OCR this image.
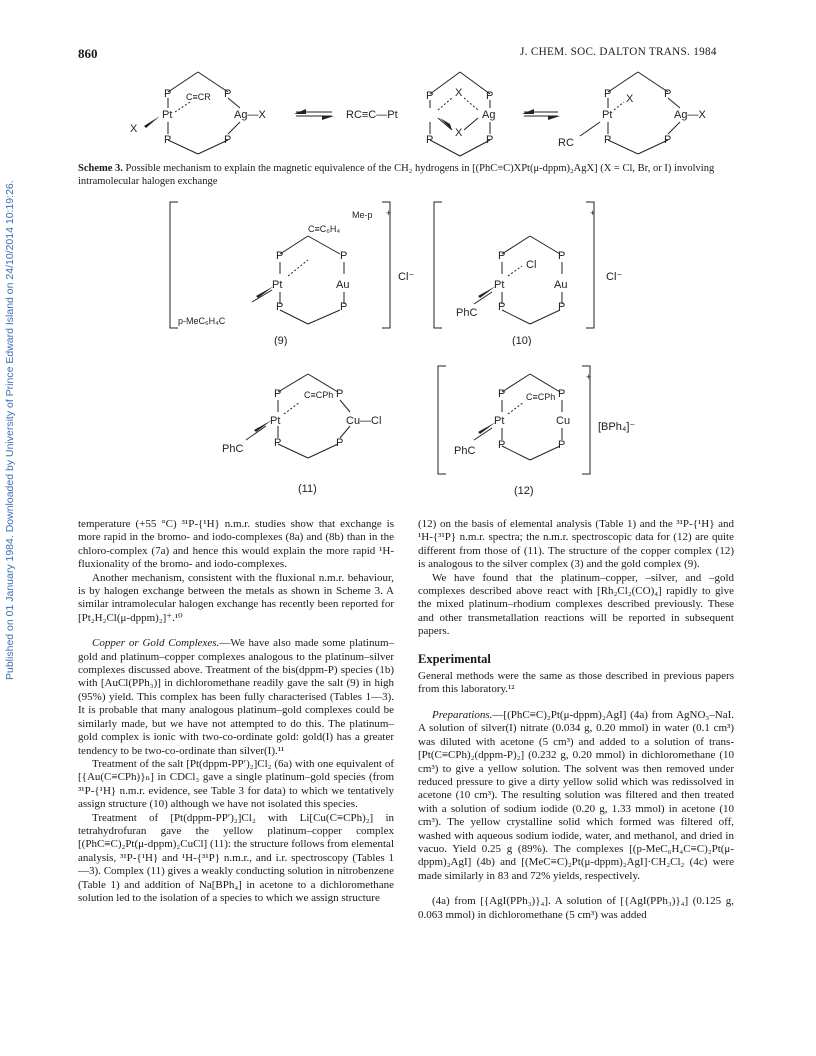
860	J. CHEM. SOC. DALTON TRANS. 1984
Published on 01 January 1984. Downloaded by University of Prince Edward Island on 24/10/2014 10:19:26.
P	P
Pt
C≡CR
Ag—X
X
P	P
RC≡C—Pt
P	P
X
Ag
X
P	P
P	P
X
Pt	Ag—X
RC	P	P
Scheme 3. Possible mechanism to explain the magnetic equivalence of the CH₂ hydrogens in [(PhC≡C)XPt(μ-dppm)₂AgX] (X = Cl, Br, or I) involving intramolecular halogen exchange
+
Me-p
C≡C₆H₄
P	P
Pt	Au
P	P
p-MeC₆H₄C
(9)
Cl⁻
+
P	P
Cl
Pt	Au
P	P
PhC
(10)
Cl⁻
C≡CPh
P	P
Pt	Cu—Cl
P	P
PhC
(11)
+
C≡CPh
P	P
Pt	Cu
P	P
PhC
(12)
[BPh₄]⁻

temperature (+55 °C) ³¹P-{¹H} n.m.r. studies show that exchange is more rapid in the bromo- and iodo-complexes (8a) and (8b) than in the chloro-complex (7a) and hence this would explain the more rapid ¹H-fluxionality of the bromo- and iodo-complexes.

Another mechanism, consistent with the fluxional n.m.r. behaviour, is by halogen exchange between the metals as shown in Scheme 3. A similar intramolecular halogen exchange has recently been reported for [Pt₂H₂Cl(μ-dppm)₂]⁺.¹⁰

Copper or Gold Complexes.—We have also made some platinum–gold and platinum–copper complexes analogous to the platinum–silver complexes discussed above. Treatment of the bis(dppm-P) species (1b) with [AuCl(PPh₃)] in dichloromethane readily gave the salt (9) in high (95%) yield. This complex has been fully characterised (Tables 1—3). It is probable that many analogous platinum–gold complexes could be similarly made, but we have not attempted to do this. The platinum–gold complex is ionic with two-co-ordinate gold: gold(I) has a greater tendency to be two-co-ordinate than silver(I).¹¹

Treatment of the salt [Pt(dppm-PP′)₂]Cl₂ (6a) with one equivalent of [{Au(C≡CPh)}ₙ] in CDCl₃ gave a single platinum–gold species (from ³¹P-{¹H} n.m.r. evidence, see Table 3 for data) to which we tentatively assign structure (10) although we have not isolated this species.

Treatment of [Pt(dppm-PP′)₂]Cl₂ with Li[Cu(C≡CPh)₂] in tetrahydrofuran gave the yellow platinum–copper complex [(PhC≡C)₂Pt(μ-dppm)₂CuCl] (11): the structure follows from elemental analysis, ³¹P-{¹H} and ¹H-{³¹P} n.m.r., and i.r. spectroscopy (Tables 1—3). Complex (11) gives a weakly conducting solution in nitrobenzene (Table 1) and addition of Na[BPh₄] in acetone to a dichloromethane solution led to the isolation of a species to which we assign structure

(12) on the basis of elemental analysis (Table 1) and the ³¹P-{¹H} and ¹H-{³¹P} n.m.r. spectra; the n.m.r. spectroscopic data for (12) are quite different from those of (11). The structure of the copper complex (12) is analogous to the silver complex (3) and the gold complex (9).

We have found that the platinum–copper, –silver, and –gold complexes described above react with [Rh₂Cl₂(CO)₄] rapidly to give the mixed platinum–rhodium complexes described previously. These and other transmetallation reactions will be reported in subsequent papers.

Experimental

General methods were the same as those described in previous papers from this laboratory.¹²

Preparations.—[(PhC≡C)₂Pt(μ-dppm)₂AgI] (4a) from AgNO₃–NaI. A solution of silver(I) nitrate (0.034 g, 0.20 mmol) in water (0.1 cm³) was diluted with acetone (5 cm³) and added to a solution of trans-[Pt(C≡CPh)₂(dppm-P)₂] (0.232 g, 0.20 mmol) in dichloromethane (10 cm³) to give a yellow solution. The solvent was then removed under reduced pressure to give a dirty yellow solid which was redissolved in acetone (10 cm³). The resulting solution was filtered and then treated with a solution of sodium iodide (0.20 g, 1.33 mmol) in acetone (10 cm³). The yellow crystalline solid which formed was filtered off, washed with aqueous sodium iodide, water, and methanol, and dried in vacuo. Yield 0.25 g (89%). The complexes [(p-MeC₆H₄C≡C)₂Pt(μ-dppm)₂AgI] (4b) and [(MeC≡C)₂Pt(μ-dppm)₂AgI]·CH₂Cl₂ (4c) were made similarly in 83 and 72% yields, respectively.

(4a) from [{AgI(PPh₃)}₄]. A solution of [{AgI(PPh₃)}₄] (0.125 g, 0.063 mmol) in dichloromethane (5 cm³) was added
